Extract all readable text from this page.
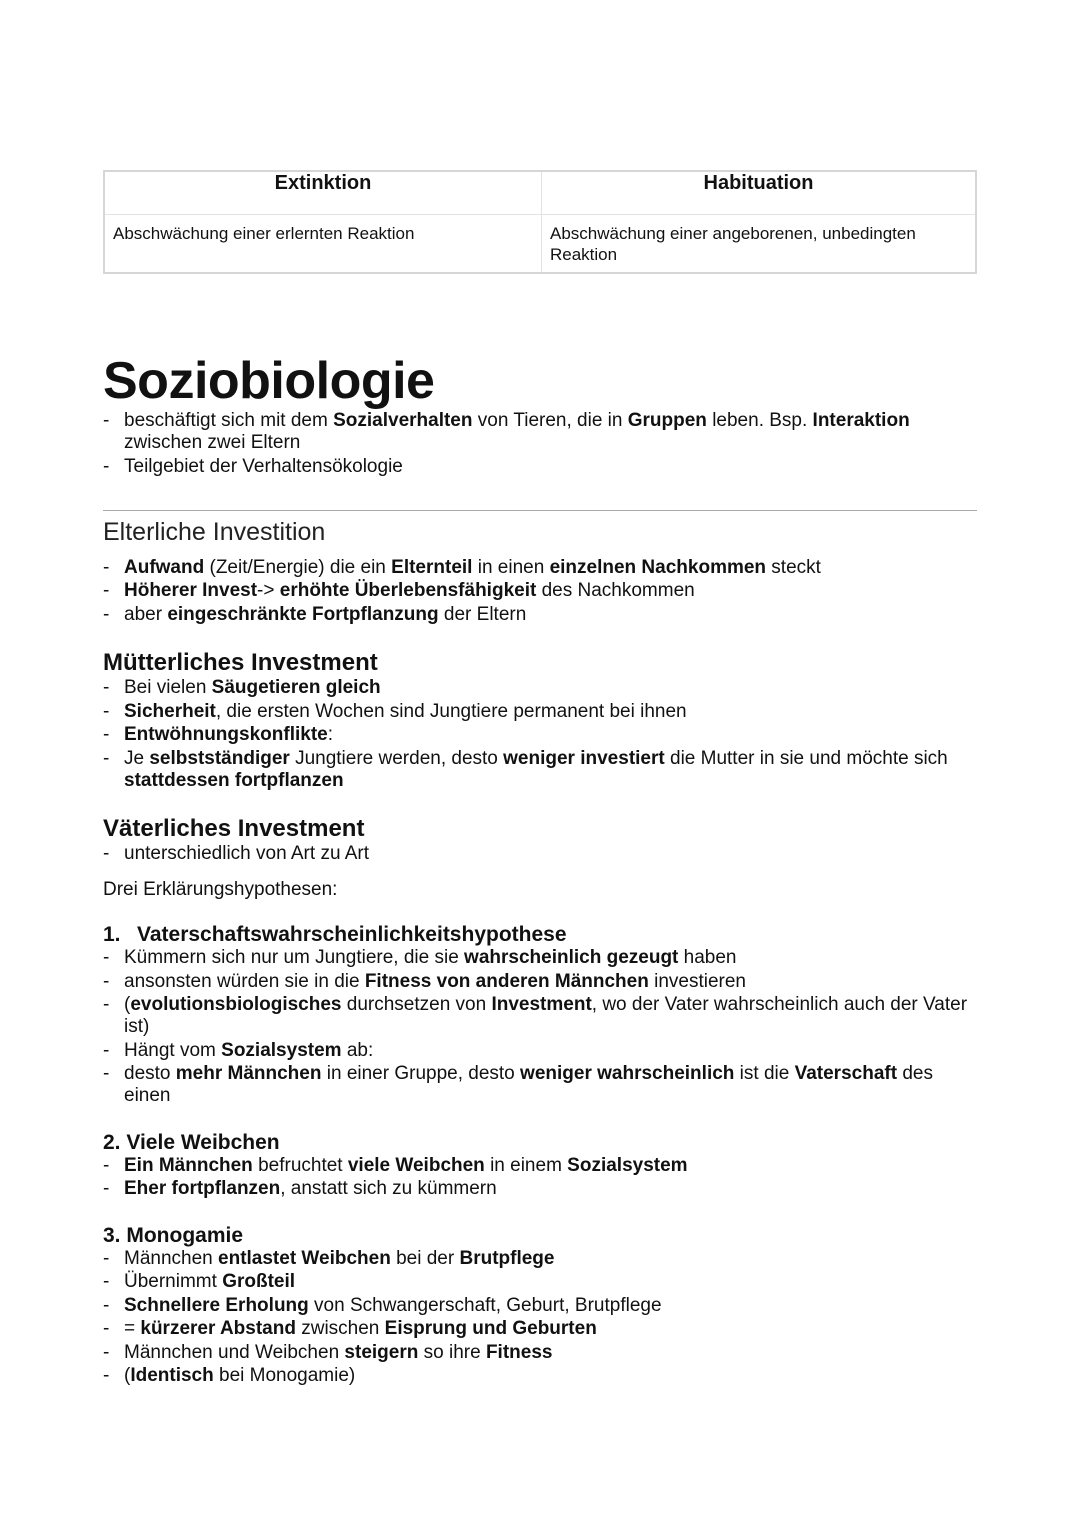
Extinktion	Habituation
Abschwächung einer erlernten Reaktion	Abschwächung einer angeborenen, unbedingten Reaktion
Soziobiologie
- beschäftigt sich mit dem Sozialverhalten von Tieren, die in Gruppen leben. Bsp. Interaktion zwischen zwei Eltern
- Teilgebiet der Verhaltensökologie
Elterliche Investition
- Aufwand (Zeit/Energie) die ein Elternteil in einen einzelnen Nachkommen steckt
- Höherer Invest-> erhöhte Überlebensfähigkeit des Nachkommen
- aber eingeschränkte Fortpflanzung der Eltern
Mütterliches Investment
- Bei vielen Säugetieren gleich
- Sicherheit, die ersten Wochen sind Jungtiere permanent bei ihnen
- Entwöhnungskonflikte:
- Je selbstständiger Jungtiere werden, desto weniger investiert die Mutter in sie und möchte sich stattdessen fortpflanzen
Väterliches Investment
- unterschiedlich von Art zu Art
Drei Erklärungshypothesen:
1. Vaterschaftswahrscheinlichkeitshypothese
- Kümmern sich nur um Jungtiere, die sie wahrscheinlich gezeugt haben
- ansonsten würden sie in die Fitness von anderen Männchen investieren
- (evolutionsbiologisches durchsetzen von Investment, wo der Vater wahrscheinlich auch der Vater ist)
- Hängt vom Sozialsystem ab:
- desto mehr Männchen in einer Gruppe, desto weniger wahrscheinlich ist die Vaterschaft des einen
2. Viele Weibchen
- Ein Männchen befruchtet viele Weibchen in einem Sozialsystem
- Eher fortpflanzen, anstatt sich zu kümmern
3. Monogamie
- Männchen entlastet Weibchen bei der Brutpflege
- Übernimmt Großteil
- Schnellere Erholung von Schwangerschaft, Geburt, Brutpflege
- = kürzerer Abstand zwischen Eisprung und Geburten
- Männchen und Weibchen steigern so ihre Fitness
- (Identisch bei Monogamie)
